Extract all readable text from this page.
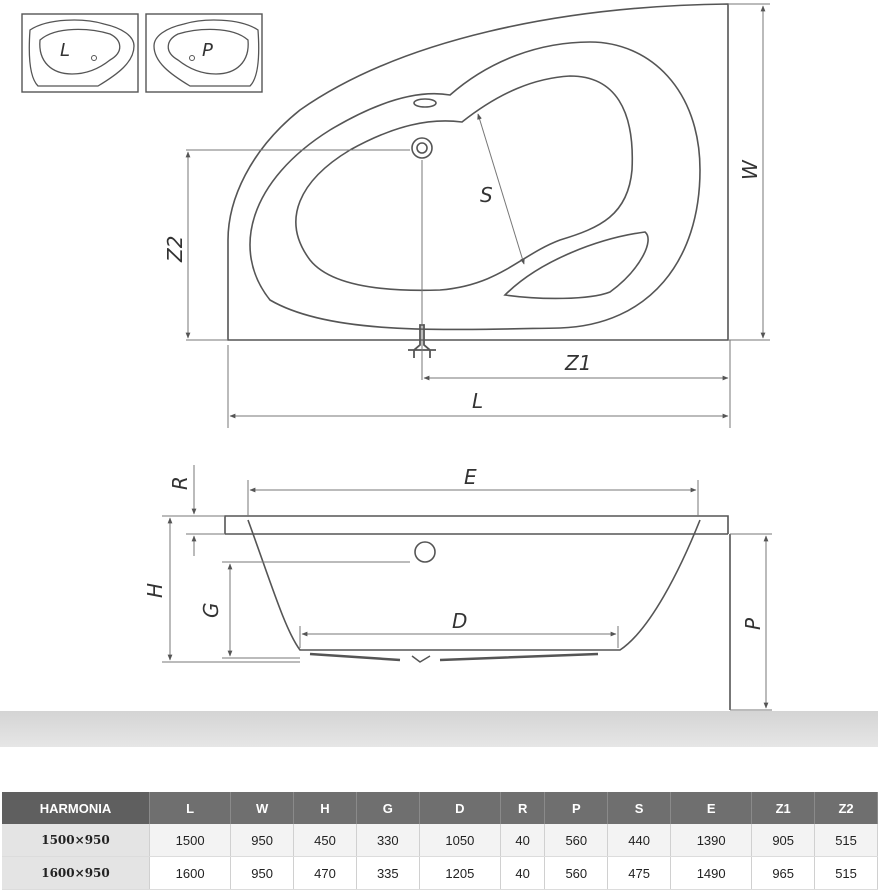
L	P
S
W
Z1
Z2
L
E
R
H
G	D	P
HARMONIA	L	W	H	G	D	R	P	S	E	Z1	Z2
1500×950	1500	950	450	330	1050	40	560	440	1390	905	515
1600×950	1600	950	470	335	1205	40	560	475	1490	965	515
